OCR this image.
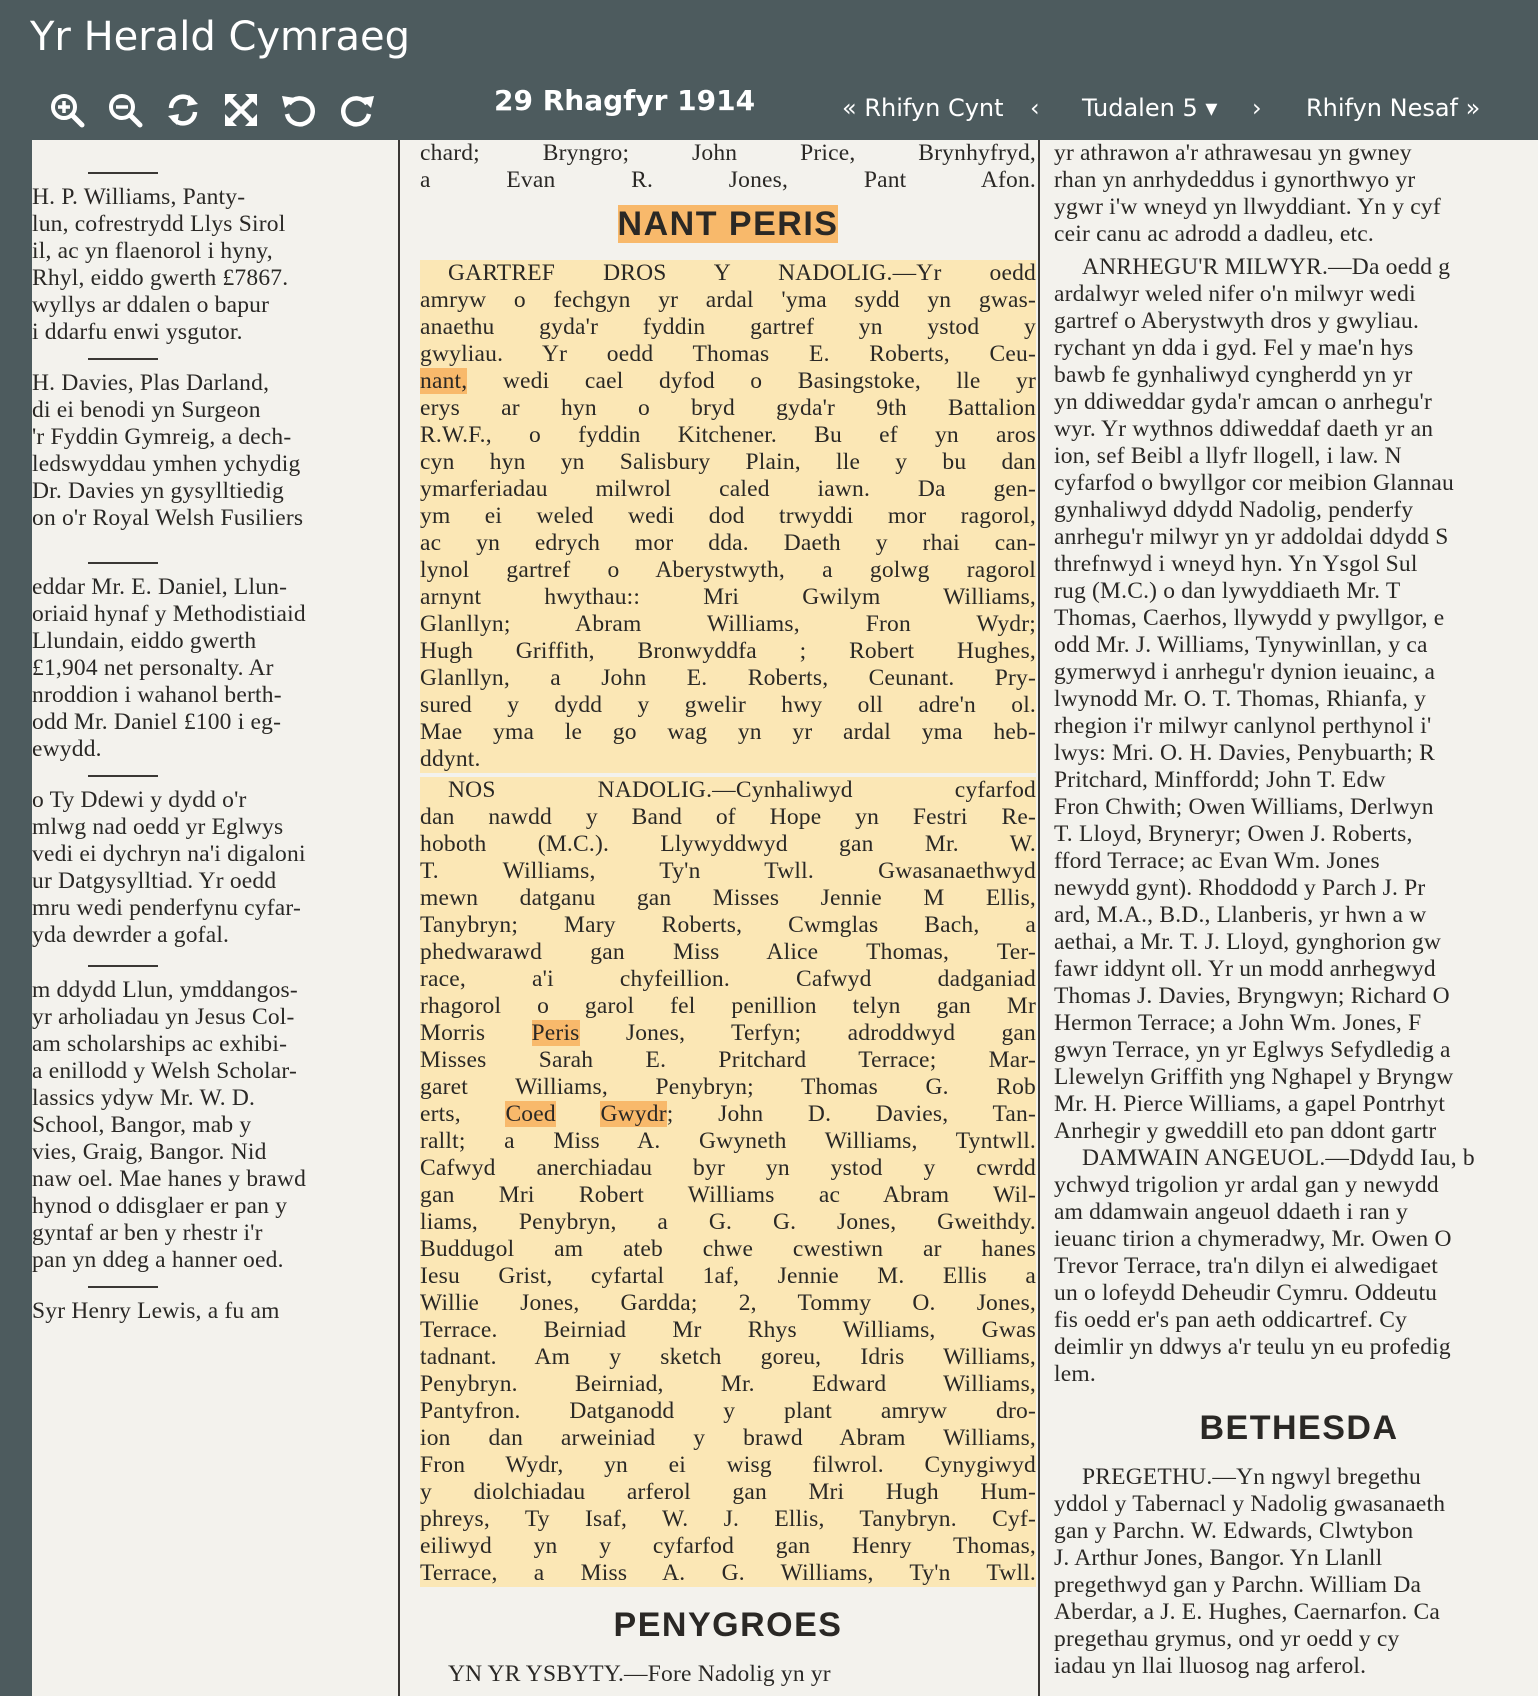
Yr Herald Cymraeg
29 Rhagfyr 1914	« Rhifyn Cynt ‹ Tudalen 5 ▾ › Rhifyn Nesaf »

H. P. Williams, Panty-

lun, cofrestrydd Llys Sirol

il, ac yn flaenorol i hyny,

Rhyl, eiddo gwerth £7867.

wyllys ar ddalen o bapur

i ddarfu enwi ysgutor.

H. Davies, Plas Darland,

di ei benodi yn Surgeon

'r Fyddin Gymreig, a dech-

ledswyddau ymhen ychydig

Dr. Davies yn gysylltiedig

on o'r Royal Welsh Fusiliers

eddar Mr. E. Daniel, Llun-

oriaid hynaf y Methodistiaid

Llundain, eiddo gwerth

£1,904 net personalty. Ar

nroddion i wahanol berth-

odd Mr. Daniel £100 i eg-

ewydd.

o Ty Ddewi y dydd o'r

mlwg nad oedd yr Eglwys

vedi ei dychryn na'i digaloni

ur Datgysylltiad. Yr oedd

mru wedi penderfynu cyfar-

yda dewrder a gofal.

m ddydd Llun, ymddangos-

yr arholiadau yn Jesus Col-

am scholarships ac exhibi-

a enillodd y Welsh Scholar-

lassics ydyw Mr. W. D.

School, Bangor, mab y

vies, Graig, Bangor. Nid

naw oel. Mae hanes y brawd

hynod o ddisglaer er pan y

gyntaf ar ben y rhestr i'r

pan yn ddeg a hanner oed.

Syr Henry Lewis, a fu am

chard; Bryngro; John Price, Brynhyfryd,

a Evan R. Jones, Pant Afon.

NANT PERIS

GARTREF DROS Y NADOLIG.—Yr oedd

amryw o fechgyn yr ardal 'yma sydd yn gwas-

anaethu gyda'r fyddin gartref yn ystod y

gwyliau. Yr oedd Thomas E. Roberts, Ceu-

nant, wedi cael dyfod o Basingstoke, lle yr

erys ar hyn o bryd gyda'r 9th Battalion

R.W.F., o fyddin Kitchener. Bu ef yn aros

cyn hyn yn Salisbury Plain, lle y bu dan

ymarferiadau milwrol caled iawn. Da gen-

ym ei weled wedi dod trwyddi mor ragorol,

ac yn edrych mor dda. Daeth y rhai can-

lynol gartref o Aberystwyth, a golwg ragorol

arnynt hwythau:: Mri Gwilym Williams,

Glanllyn; Abram Williams, Fron Wydr;

Hugh Griffith, Bronwyddfa ; Robert Hughes,

Glanllyn, a John E. Roberts, Ceunant. Pry-

sured y dydd y gwelir hwy oll adre'n ol.

Mae yma le go wag yn yr ardal yma heb-

ddynt.

NOS NADOLIG.—Cynhaliwyd cyfarfod

dan nawdd y Band of Hope yn Festri Re-

hoboth (M.C.). Llywyddwyd gan Mr. W.

T. Williams, Ty'n Twll. Gwasanaethwyd

mewn datganu gan Misses Jennie M Ellis,

Tanybryn; Mary Roberts, Cwmglas Bach, a

phedwarawd gan Miss Alice Thomas, Ter-

race, a'i chyfeillion. Cafwyd dadganiad

rhagorol o garol fel penillion telyn gan Mr

Morris Peris Jones, Terfyn; adroddwyd gan

Misses Sarah E. Pritchard Terrace; Mar-

garet Williams, Penybryn; Thomas G. Rob

erts, Coed Gwydr; John D. Davies, Tan-

rallt; a Miss A. Gwyneth Williams, Tyntwll.

Cafwyd anerchiadau byr yn ystod y cwrdd

gan Mri Robert Williams ac Abram Wil-

liams, Penybryn, a G. G. Jones, Gweithdy.

Buddugol am ateb chwe cwestiwn ar hanes

Iesu Grist, cyfartal 1af, Jennie M. Ellis a

Willie Jones, Gardda; 2, Tommy O. Jones,

Terrace. Beirniad Mr Rhys Williams, Gwas

tadnant. Am y sketch goreu, Idris Williams,

Penybryn. Beirniad, Mr. Edward Williams,

Pantyfron. Datganodd y plant amryw dro-

ion dan arweiniad y brawd Abram Williams,

Fron Wydr, yn ei wisg filwrol. Cynygiwyd

y diolchiadau arferol gan Mri Hugh Hum-

phreys, Ty Isaf, W. J. Ellis, Tanybryn. Cyf-

eiliwyd yn y cyfarfod gan Henry Thomas,

Terrace, a Miss A. G. Williams, Ty'n Twll.

PENYGROES

YN YR YSBYTY.—Fore Nadolig yn yr

yr athrawon a'r athrawesau yn gwney

rhan yn anrhydeddus i gynorthwyo yr

ygwr i'w wneyd yn llwyddiant. Yn y cyf

ceir canu ac adrodd a dadleu, etc.

ANRHEGU'R MILWYR.—Da oedd g

ardalwyr weled nifer o'n milwyr wedi

gartref o Aberystwyth dros y gwyliau.

rychant yn dda i gyd. Fel y mae'n hys

bawb fe gynhaliwyd cyngherdd yn yr

yn ddiweddar gyda'r amcan o anrhegu'r

wyr. Yr wythnos ddiweddaf daeth yr an

ion, sef Beibl a llyfr llogell, i law. N

cyfarfod o bwyllgor cor meibion Glannau

gynhaliwyd ddydd Nadolig, penderfy

anrhegu'r milwyr yn yr addoldai ddydd S

threfnwyd i wneyd hyn. Yn Ysgol Sul

rug (M.C.) o dan lywyddiaeth Mr. T

Thomas, Caerhos, llywydd y pwyllgor, e

odd Mr. J. Williams, Tynywinllan, y ca

gymerwyd i anrhegu'r dynion ieuainc, a

lwynodd Mr. O. T. Thomas, Rhianfa, y

rhegion i'r milwyr canlynol perthynol i'

lwys: Mri. O. H. Davies, Penybuarth; R

Pritchard, Minffordd; John T. Edw

Fron Chwith; Owen Williams, Derlwyn

T. Lloyd, Bryneryr; Owen J. Roberts,

fford Terrace; ac Evan Wm. Jones

newydd gynt). Rhoddodd y Parch J. Pr

ard, M.A., B.D., Llanberis, yr hwn a w

aethai, a Mr. T. J. Lloyd, gynghorion gw

fawr iddynt oll. Yr un modd anrhegwyd

Thomas J. Davies, Bryngwyn; Richard O

Hermon Terrace; a John Wm. Jones, F

gwyn Terrace, yn yr Eglwys Sefydledig a

Llewelyn Griffith yng Nghapel y Bryngw

Mr. H. Pierce Williams, a gapel Pontrhyt

Anrhegir y gweddill eto pan ddont gartr

DAMWAIN ANGEUOL.—Ddydd Iau, b

ychwyd trigolion yr ardal gan y newydd

am ddamwain angeuol ddaeth i ran y

ieuanc tirion a chymeradwy, Mr. Owen O

Trevor Terrace, tra'n dilyn ei alwedigaet

un o lofeydd Deheudir Cymru. Oddeutu

fis oedd er's pan aeth oddicartref. Cy

deimlir yn ddwys a'r teulu yn eu profedig

lem.

BETHESDA

PREGETHU.—Yn ngwyl bregethu

yddol y Tabernacl y Nadolig gwasanaeth

gan y Parchn. W. Edwards, Clwtybon

J. Arthur Jones, Bangor. Yn Llanll

pregethwyd gan y Parchn. William Da

Aberdar, a J. E. Hughes, Caernarfon. Ca

pregethau grymus, ond yr oedd y cy

iadau yn llai lluosog nag arferol.
